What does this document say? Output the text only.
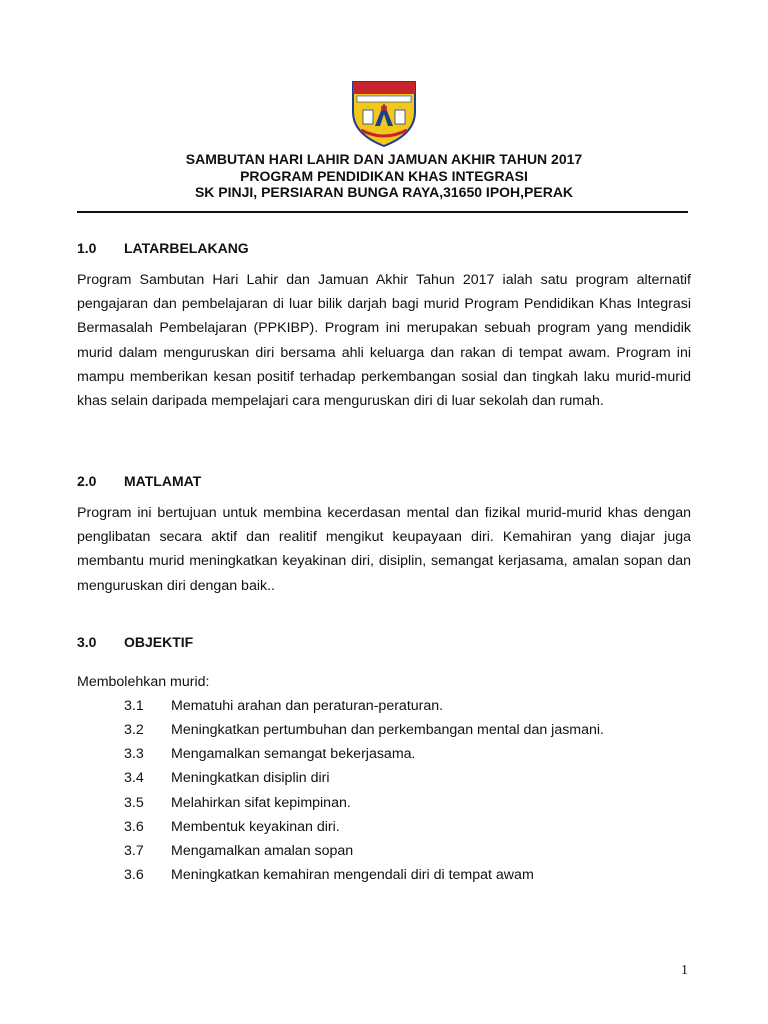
SAMBUTAN HARI LAHIR DAN JAMUAN AKHIR TAHUN 2017
PROGRAM PENDIDIKAN KHAS INTEGRASI
SK PINJI, PERSIARAN BUNGA RAYA,31650 IPOH,PERAK
1.0 LATARBELAKANG
Program Sambutan Hari Lahir dan Jamuan Akhir Tahun 2017 ialah satu program alternatif pengajaran dan pembelajaran di luar bilik darjah bagi murid Program Pendidikan Khas Integrasi Bermasalah Pembelajaran (PPKIBP). Program ini merupakan sebuah program yang mendidik murid dalam menguruskan diri bersama ahli keluarga dan rakan di tempat awam. Program ini mampu memberikan kesan positif terhadap perkembangan sosial dan tingkah laku murid-murid khas selain daripada mempelajari cara menguruskan diri di luar sekolah dan rumah.
2.0 MATLAMAT
Program ini bertujuan untuk membina kecerdasan mental dan fizikal murid-murid khas dengan penglibatan secara aktif dan realitif mengikut keupayaan diri. Kemahiran yang diajar juga membantu murid meningkatkan keyakinan diri, disiplin, semangat kerjasama, amalan sopan dan menguruskan diri dengan baik..
3.0 OBJEKTIF
Membolehkan murid:
3.1 Mematuhi arahan dan peraturan-peraturan.
3.2 Meningkatkan pertumbuhan dan perkembangan mental dan jasmani.
3.3 Mengamalkan semangat bekerjasama.
3.4 Meningkatkan disiplin diri
3.5 Melahirkan sifat kepimpinan.
3.6 Membentuk keyakinan diri.
3.7 Mengamalkan amalan sopan
3.6 Meningkatkan kemahiran mengendali diri di tempat awam
1
